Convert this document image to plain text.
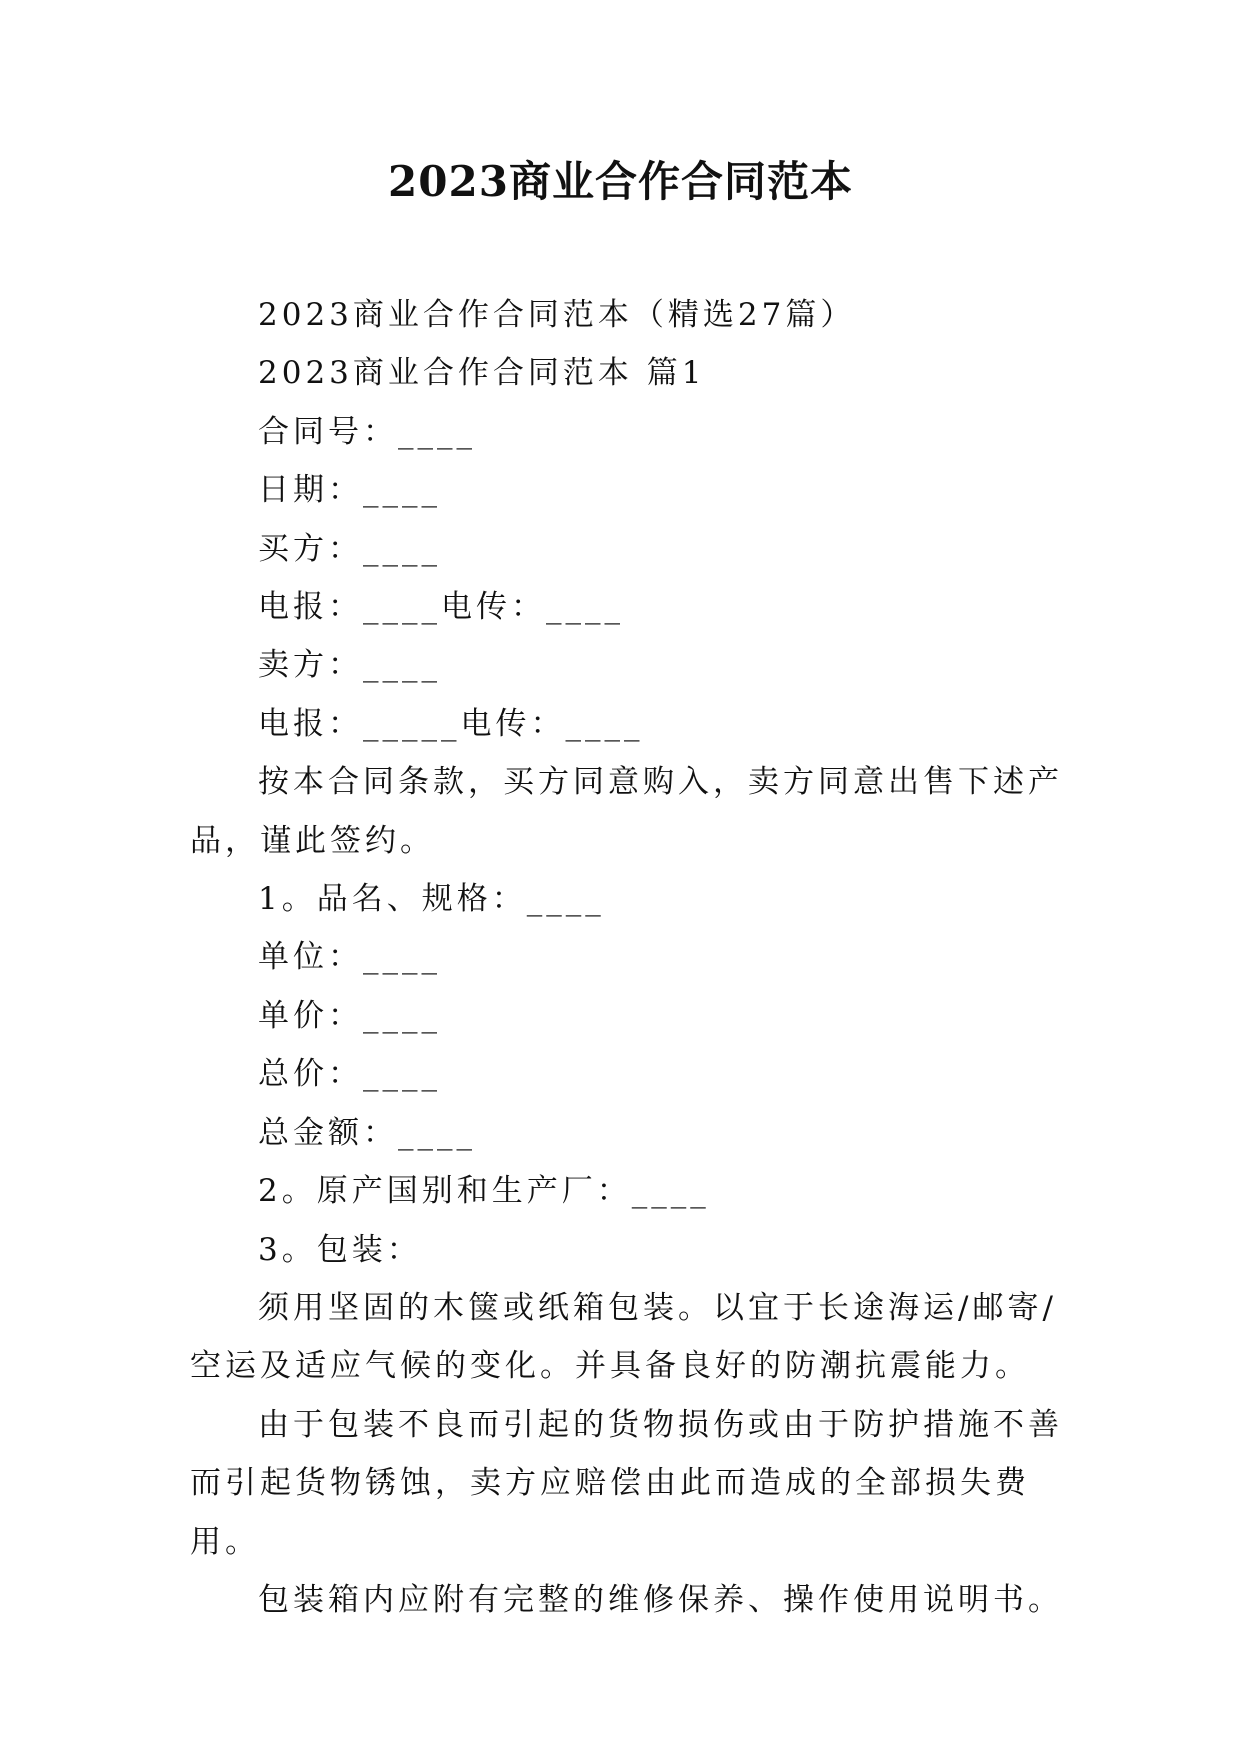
2023商业合作合同范本
2023商业合作合同范本（精选27篇）
2023商业合作合同范本 篇1
合同号：____
日期：____
买方：____
电报：____电传：____
卖方：____
电报：_____电传：____
按本合同条款，买方同意购入，卖方同意出售下述产品，谨此签约。
1。品名、规格：____
单位：____
单价：____
总价：____
总金额：____
2。原产国别和生产厂：____
3。包装：
须用坚固的木箧或纸箱包装。以宜于长途海运/邮寄/空运及适应气候的变化。并具备良好的防潮抗震能力。
由于包装不良而引起的货物损伤或由于防护措施不善而引起货物锈蚀，卖方应赔偿由此而造成的全部损失费用。
包装箱内应附有完整的维修保养、操作使用说明书。
